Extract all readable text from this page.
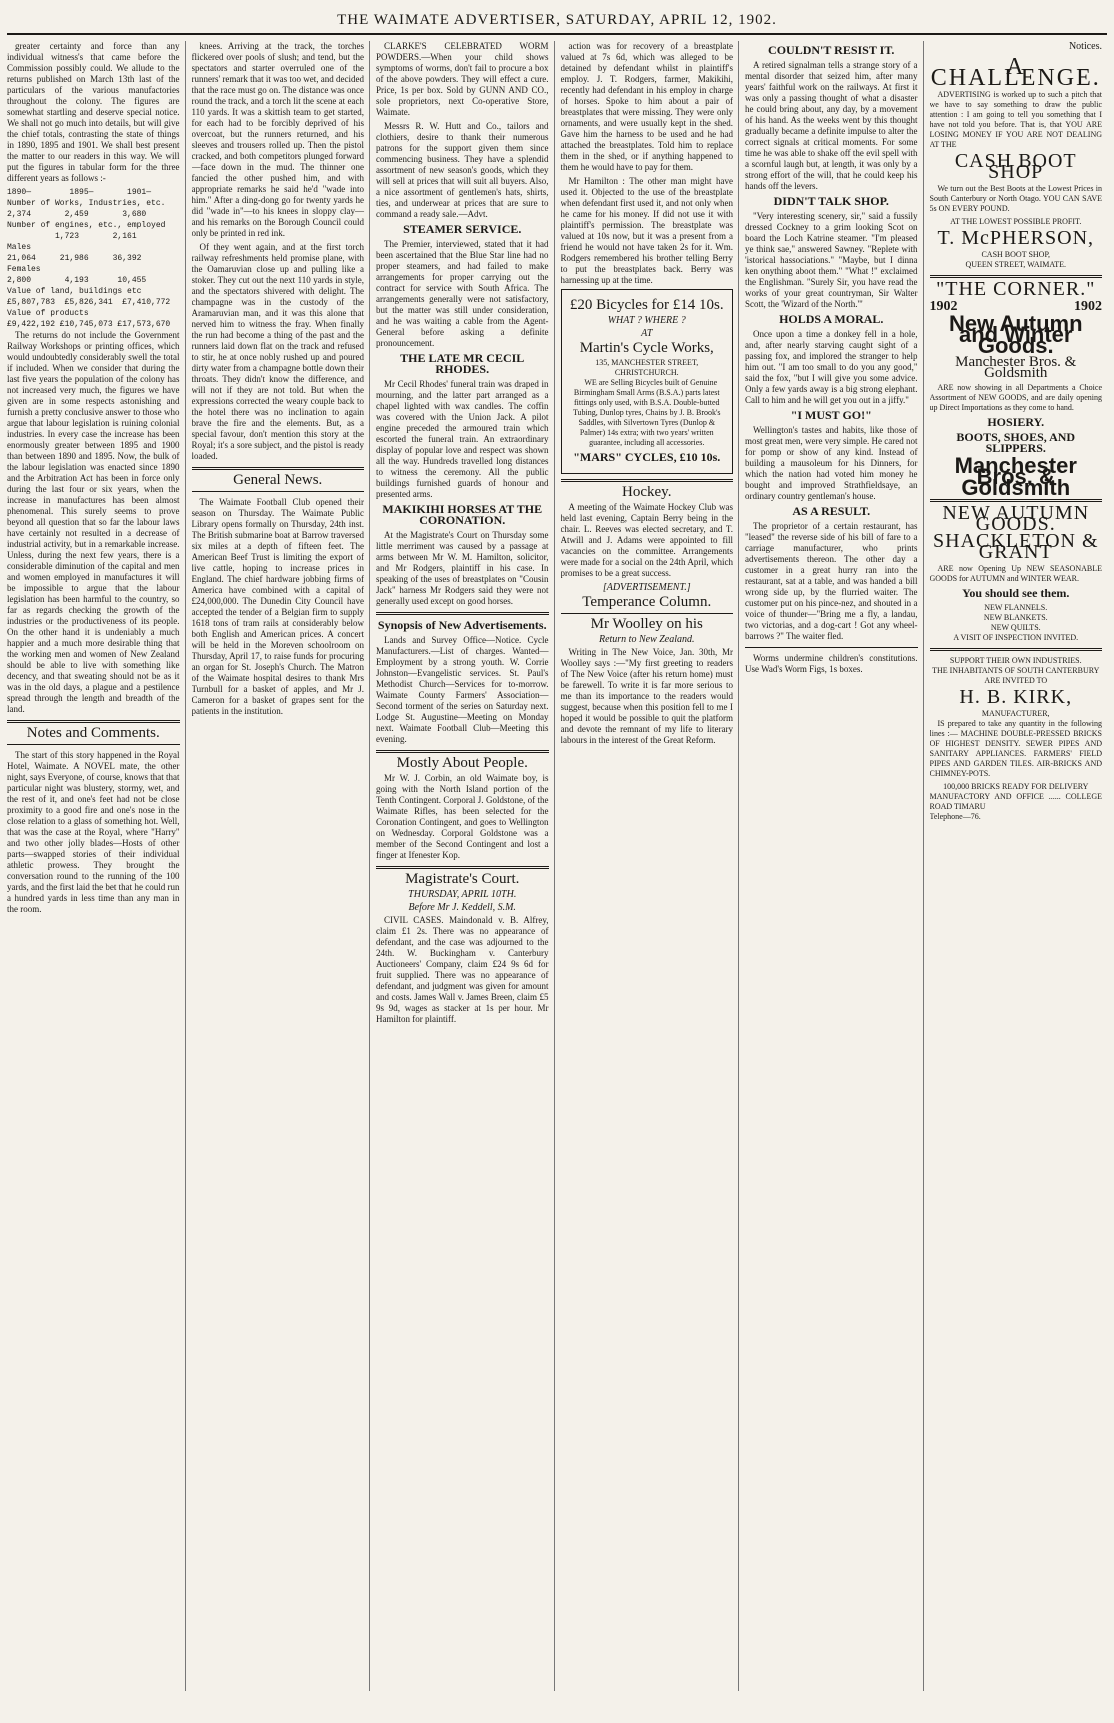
THE WAIMATE ADVERTISER, SATURDAY, APRIL 12, 1902.

greater certainty and force than any individual witness's that came before the Commission possibly could. We allude to the returns published on March 13th last of the particulars of the various manufactories throughout the colony. The figures are somewhat startling and deserve special notice. We shall not go much into details, but will give the chief totals, contrasting the state of things in 1890, 1895 and 1901. We shall best present the matter to our readers in this way. We will put the figures in tabular form for the three different years as follows :-

1890—        1895—       1901—
Number of Works, Industries, etc.
2,374       2,459       3,680
Number of engines, etc., employed
1,723       2,161
Males
21,064     21,986     36,392
Females
2,800       4,193      10,455
Value of land, buildings etc
£5,807,783  £5,826,341  £7,410,772
Value of products
£9,422,192 £10,745,073 £17,573,670

The returns do not include the Government Railway Workshops or printing offices, which would undoubtedly considerably swell the total if included. When we consider that during the last five years the population of the colony has not increased very much, the figures we have given are in some respects astonishing and furnish a pretty conclusive answer to those who argue that labour legislation is ruining colonial industries. In every case the increase has been enormously greater between 1895 and 1900 than between 1890 and 1895. Now, the bulk of the labour legislation was enacted since 1890 and the Arbitration Act has been in force only during the last four or six years, when the increase in manufactures has been almost phenomenal. This surely seems to prove beyond all question that so far the labour laws have certainly not resulted in a decrease of industrial activity, but in a remarkable increase. Unless, during the next few years, there is a considerable diminution of the capital and men and women employed in manufactures it will be impossible to argue that the labour legislation has been harmful to the country, so far as regards checking the growth of the industries or the productiveness of its people. On the other hand it is undeniably a much happier and a much more desirable thing that the working men and women of New Zealand should be able to live with something like decency, and that sweating should not be as it was in the old days, a plague and a pestilence spread through the length and breadth of the land.

Notes and Comments.

The start of this story happened in the Royal Hotel, Waimate. A NOVEL mate, the other night, says Everyone, of course, knows that that particular night was blustery, stormy, wet, and the rest of it, and one's feet had not be close proximity to a good fire and one's nose in the close relation to a glass of something hot. Well, that was the case at the Royal, where "Harry" and two other jolly blades—Hosts of other parts—swapped stories of their individual athletic prowess. They brought the conversation round to the running of the 100 yards, and the first laid the bet that he could run a hundred yards in less time than any man in the room.

knees. Arriving at the track, the torches flickered over pools of slush; and tend, but the spectators and starter overruled one of the runners' remark that it was too wet, and decided that the race must go on. The distance was once round the track, and a torch lit the scene at each 110 yards. It was a skittish team to get started, for each had to be forcibly deprived of his overcoat, but the runners returned, and his sleeves and trousers rolled up. Then the pistol cracked, and both competitors plunged forward—face down in the mud. The thinner one fancied the other pushed him, and with appropriate remarks he said he'd "wade into him." After a ding-dong go for twenty yards he did "wade in"—to his knees in sloppy clay—and his remarks on the Borough Council could only be printed in red ink.

Of they went again, and at the first torch railway refreshments held promise plane, with the Oamaruvian close up and pulling like a stoker. They cut out the next 110 yards in style, and the spectators shivered with delight. The champagne was in the custody of the Aramaruvian man, and it was this alone that nerved him to witness the fray. When finally the run had become a thing of the past and the runners laid down flat on the track and refused to stir, he at once nobly rushed up and poured dirty water from a champagne bottle down their throats. They didn't know the difference, and will not if they are not told. But when the expressions corrected the weary couple back to the hotel there was no inclination to again brave the fire and the elements. But, as a special favour, don't mention this story at the Royal; it's a sore subject, and the pistol is ready loaded.

General News.

The Waimate Football Club opened their season on Thursday. The Waimate Public Library opens formally on Thursday, 24th inst. The British submarine boat at Barrow traversed six miles at a depth of fifteen feet. The American Beef Trust is limiting the export of live cattle, hoping to increase prices in England. The chief hardware jobbing firms of America have combined with a capital of £24,000,000. The Dunedin City Council have accepted the tender of a Belgian firm to supply 1618 tons of tram rails at considerably below both English and American prices. A concert will be held in the Moreven schoolroom on Thursday, April 17, to raise funds for procuring an organ for St. Joseph's Church. The Matron of the Waimate hospital desires to thank Mrs Turnbull for a basket of apples, and Mr J. Cameron for a basket of grapes sent for the patients in the institution.

CLARKE'S CELEBRATED WORM POWDERS.—When your child shows symptoms of worms, don't fail to procure a box of the above powders. They will effect a cure. Price, 1s per box. Sold by GUNN AND CO., sole proprietors, next Co-operative Store, Waimate.

Messrs R. W. Hutt and Co., tailors and clothiers, desire to thank their numerous patrons for the support given them since commencing business. They have a splendid assortment of new season's goods, which they will sell at prices that will suit all buyers. Also, a nice assortment of gentlemen's hats, shirts, ties, and underwear at prices that are sure to command a ready sale.—Advt.

STEAMER SERVICE.

The Premier, interviewed, stated that it had been ascertained that the Blue Star line had no proper steamers, and had failed to make arrangements for proper carrying out the contract for service with South Africa. The arrangements generally were not satisfactory, but the matter was still under consideration, and he was waiting a cable from the Agent-General before asking a definite pronouncement.

THE LATE MR CECIL RHODES.

Mr Cecil Rhodes' funeral train was draped in mourning, and the latter part arranged as a chapel lighted with wax candles. The coffin was covered with the Union Jack. A pilot engine preceded the armoured train which escorted the funeral train. An extraordinary display of popular love and respect was shown all the way. Hundreds travelled long distances to witness the ceremony. All the public buildings furnished guards of honour and presented arms.

MAKIKIHI HORSES AT THE CORONATION.

At the Magistrate's Court on Thursday some little merriment was caused by a passage at arms between Mr W. M. Hamilton, solicitor, and Mr Rodgers, plaintiff in his case. In speaking of the uses of breastplates on "Cousin Jack" harness Mr Rodgers said they were not generally used except on good horses.

Synopsis of New Advertisements.

Lands and Survey Office—Notice. Cycle Manufacturers.—List of charges. Wanted—Employment by a strong youth. W. Corrie Johnston—Evangelistic services. St. Paul's Methodist Church—Services for to-morrow. Waimate County Farmers' Association—Second torment of the series on Saturday next. Lodge St. Augustine—Meeting on Monday next. Waimate Football Club—Meeting this evening.

Mostly About People.

Mr W. J. Corbin, an old Waimate boy, is going with the North Island portion of the Tenth Contingent. Corporal J. Goldstone, of the Waimate Rifles, has been selected for the Coronation Contingent, and goes to Wellington on Wednesday. Corporal Goldstone was a member of the Second Contingent and lost a finger at Ifenester Kop.

Magistrate's Court.
THURSDAY, APRIL 10TH.
Before Mr J. Keddell, S.M.

CIVIL CASES. Maindonald v. B. Alfrey, claim £1 2s. There was no appearance of defendant, and the case was adjourned to the 24th. W. Buckingham v. Canterbury Auctioneers' Company, claim £24 9s 6d for fruit supplied. There was no appearance of defendant, and judgment was given for amount and costs. James Wall v. James Breen, claim £5 9s 9d, wages as stacker at 1s per hour. Mr Hamilton for plaintiff.

action was for recovery of a breastplate valued at 7s 6d, which was alleged to be detained by defendant whilst in plaintiff's employ. J. T. Rodgers, farmer, Makikihi, recently had defendant in his employ in charge of horses. Spoke to him about a pair of breastplates that were missing. They were only ornaments, and were usually kept in the shed. Gave him the harness to be used and he had attached the breastplates. Told him to replace them in the shed, or if anything happened to them he would have to pay for them.

Mr Hamilton : The other man might have used it. Objected to the use of the breastplate when defendant first used it, and not only when he came for his money. If did not use it with plaintiff's permission. The breastplate was valued at 10s now, but it was a present from a friend he would not have taken 2s for it. Wm. Rodgers remembered his brother telling Berry to put the breastplates back. Berry was harnessing up at the time.

£20 Bicycles for £14 10s.
WHAT ? WHERE ?
AT
Martin's Cycle Works,
135, MANCHESTER STREET, CHRISTCHURCH.

WE are Selling Bicycles built of Genuine Birmingham Small Arms (B.S.A.) parts latest fittings only used, with B.S.A. Double-butted Tubing, Dunlop tyres, Chains by J. B. Brook's Saddles, with Silvertown Tyres (Dunlop & Palmer) 14s extra; with two years' written guarantee, including all accessories.

"MARS" CYCLES, £10 10s.
Hockey.

A meeting of the Waimate Hockey Club was held last evening, Captain Berry being in the chair. L. Reeves was elected secretary, and T. Atwill and J. Adams were appointed to fill vacancies on the committee. Arrangements were made for a social on the 24th April, which promises to be a great success.

[ADVERTISEMENT.]
Temperance Column.
Mr Woolley on his
Return to New Zealand.

Writing in The New Voice, Jan. 30th, Mr Woolley says :—"My first greeting to readers of The New Voice (after his return home) must be farewell. To write it is far more serious to me than its importance to the readers would suggest, because when this position fell to me I hoped it would be possible to quit the platform and devote the remnant of my life to literary labours in the interest of the Great Reform.

COULDN'T RESIST IT.

A retired signalman tells a strange story of a mental disorder that seized him, after many years' faithful work on the railways. At first it was only a passing thought of what a disaster he could bring about, any day, by a movement of his hand. As the weeks went by this thought gradually became a definite impulse to alter the correct signals at critical moments. For some time he was able to shake off the evil spell with a scornful laugh but, at length, it was only by a strong effort of the will, that he could keep his hands off the levers.

DIDN'T TALK SHOP.

"Very interesting scenery, sir," said a fussily dressed Cockney to a grim looking Scot on board the Loch Katrine steamer. "I'm pleased ye think sae," answered Sawney. "Replete with 'istorical hassociations." "Maybe, but I dinna ken onything aboot them." "What !" exclaimed the Englishman. "Surely Sir, you have read the works of your great countryman, Sir Walter Scott, the 'Wizard of the North.'"

HOLDS A MORAL.

Once upon a time a donkey fell in a hole, and, after nearly starving caught sight of a passing fox, and implored the stranger to help him out. "I am too small to do you any good," said the fox, "but I will give you some advice. Only a few yards away is a big strong elephant. Call to him and he will get you out in a jiffy."

"I MUST GO!"

Wellington's tastes and habits, like those of most great men, were very simple. He cared not for pomp or show of any kind. Instead of building a mausoleum for his Dinners, for which the nation had voted him money he bought and improved Strathfieldsaye, an ordinary country gentleman's house.

AS A RESULT.

The proprietor of a certain restaurant, has "leased" the reverse side of his bill of fare to a carriage manufacturer, who prints advertisements thereon. The other day a customer in a great hurry ran into the restaurant, sat at a table, and was handed a bill wrong side up, by the flurried waiter. The customer put on his pince-nez, and shouted in a voice of thunder—"Bring me a fly, a landau, two victorias, and a dog-cart ! Got any wheel-barrows ?" The waiter fled.

Worms undermine children's constitutions. Use Wad's Worm Figs, 1s boxes.

Notices.
A CHALLENGE.

ADVERTISING is worked up to such a pitch that we have to say something to draw the public attention : I am going to tell you something that I have not told you before. That is, that YOU ARE LOSING MONEY IF YOU ARE NOT DEALING AT THE

CASH BOOT SHOP

We turn out the Best Boots at the Lowest Prices in South Canterbury or North Otago. YOU CAN SAVE 5s ON EVERY POUND.

AT THE LOWEST POSSIBLE PROFIT.
T. McPHERSON,
CASH BOOT SHOP,
QUEEN STREET, WAIMATE.
"THE CORNER."
1902	1902
New Autumn and Winter Goods.
Manchester Bros. & Goldsmith

ARE now showing in all Departments a Choice Assortment of NEW GOODS, and are daily opening up Direct Importations as they come to hand.

HOSIERY.
BOOTS, SHOES, AND SLIPPERS.
Manchester Bros. & Goldsmith
NEW AUTUMN GOODS.
SHACKLETON & GRANT

ARE now Opening Up NEW SEASONABLE GOODS for AUTUMN and WINTER WEAR.

You should see them.
NEW FLANNELS.
NEW BLANKETS.
NEW QUILTS.
A VISIT OF INSPECTION INVITED.
SUPPORT THEIR OWN INDUSTRIES.
THE INHABITANTS OF SOUTH CANTERBURY ARE INVITED TO
H. B. KIRK,
MANUFACTURER,

IS prepared to take any quantity in the following lines :— MACHINE DOUBLE-PRESSED BRICKS OF HIGHEST DENSITY. SEWER PIPES AND SANITARY APPLIANCES. FARMERS' FIELD PIPES AND GARDEN TILES. AIR-BRICKS AND CHIMNEY-POTS.

100,000 BRICKS READY FOR DELIVERY
MANUFACTORY AND OFFICE ...... COLLEGE ROAD TIMARU
Telephone—76.
